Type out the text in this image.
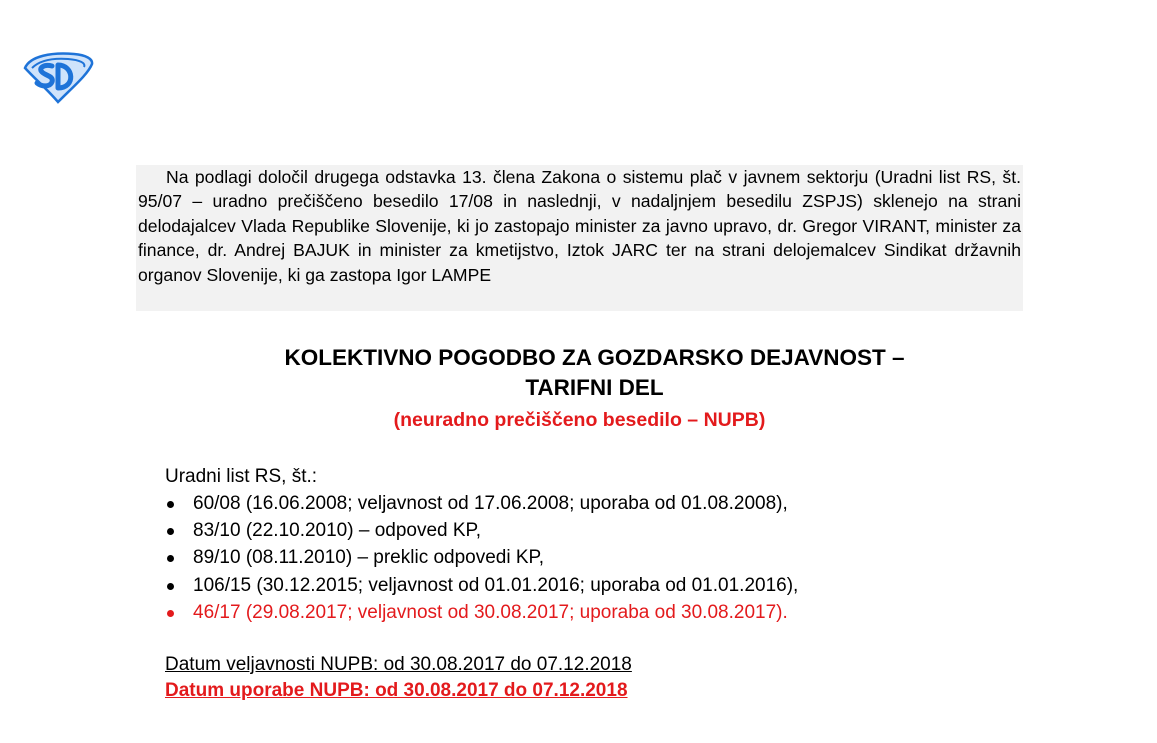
Na podlagi določil drugega odstavka 13. člena Zakona o sistemu plač v javnem sektorju (Uradni list RS, št. 95/07 – uradno prečiščeno besedilo 17/08 in naslednji, v nadaljnjem besedilu ZSPJS) sklenejo na strani delodajalcev Vlada Republike Slovenije, ki jo zastopajo minister za javno upravo, dr. Gregor VIRANT, minister za finance, dr. Andrej BAJUK in minister za kmetijstvo, Iztok JARC ter na strani delojemalcev Sindikat državnih organov Slovenije, ki ga zastopa Igor LAMPE
KOLEKTIVNO POGODBO ZA GOZDARSKO DEJAVNOST –
TARIFNI DEL
(neuradno prečiščeno besedilo – NUPB)
Uradni list RS, št.:
60/08 (16.06.2008; veljavnost od 17.06.2008; uporaba od 01.08.2008),
83/10 (22.10.2010) – odpoved KP,
89/10 (08.11.2010) – preklic odpovedi KP,
106/15 (30.12.2015; veljavnost od 01.01.2016; uporaba od 01.01.2016),
46/17 (29.08.2017; veljavnost od 30.08.2017; uporaba od 30.08.2017).
Datum veljavnosti NUPB: od 30.08.2017 do 07.12.2018
Datum uporabe NUPB: od 30.08.2017 do 07.12.2018
